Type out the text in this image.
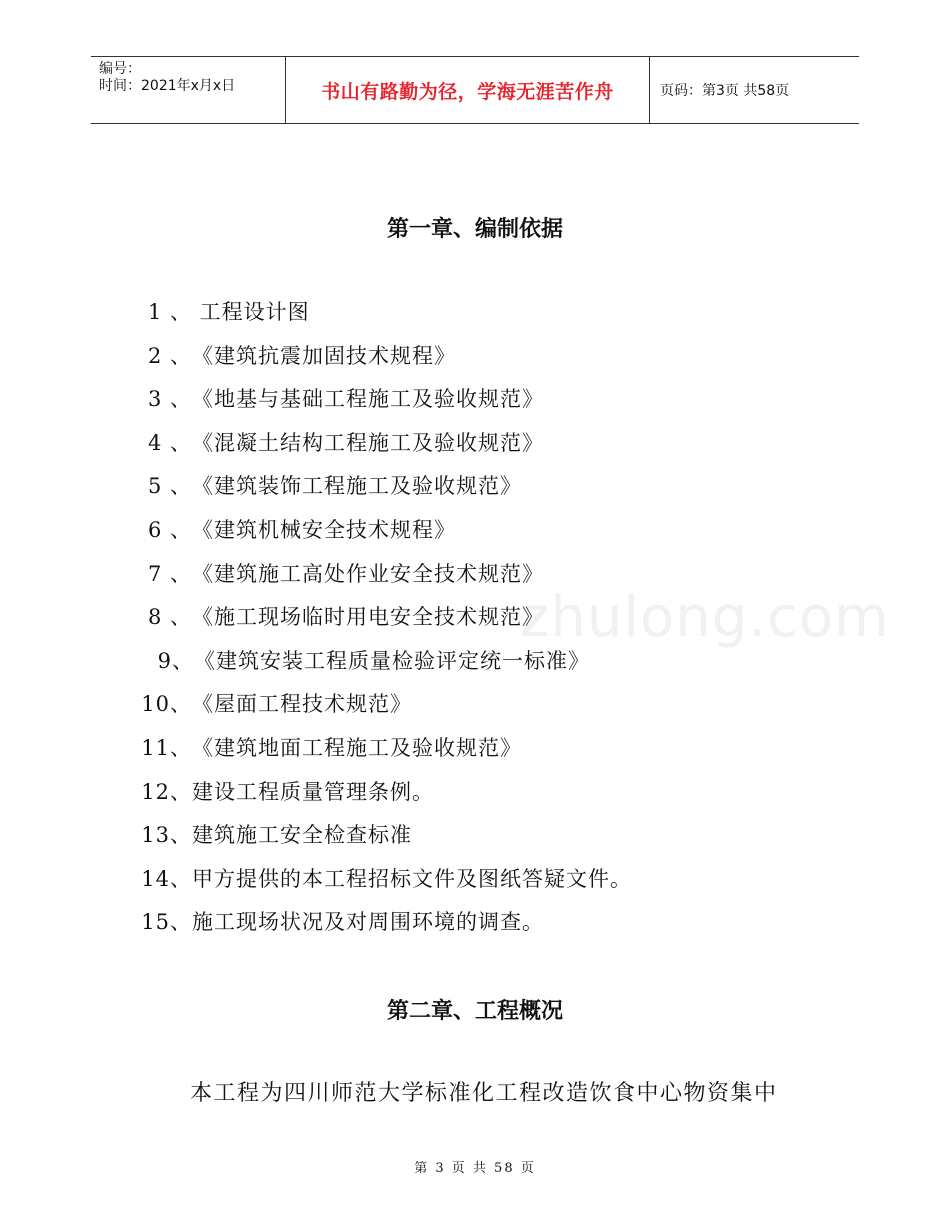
编号：
时间：2021年x月x日	书山有路勤为径，学海无涯苦作舟	页码：第3页 共58页
zhulong.com
第一章、编制依据
1 、 工程设计图
2 、《建筑抗震加固技术规程》
3 、《地基与基础工程施工及验收规范》
4 、《混凝土结构工程施工及验收规范》
5 、《建筑装饰工程施工及验收规范》
6 、《建筑机械安全技术规程》
7 、《建筑施工高处作业安全技术规范》
8 、《施工现场临时用电安全技术规范》
9、《建筑安装工程质量检验评定统一标准》
10、《屋面工程技术规范》
11、《建筑地面工程施工及验收规范》
12、建设工程质量管理条例。
13、建筑施工安全检查标准
14、甲方提供的本工程招标文件及图纸答疑文件。
15、施工现场状况及对周围环境的调查。
第二章、工程概况
本工程为四川师范大学标准化工程改造饮食中心物资集中
第 3 页 共 58 页
